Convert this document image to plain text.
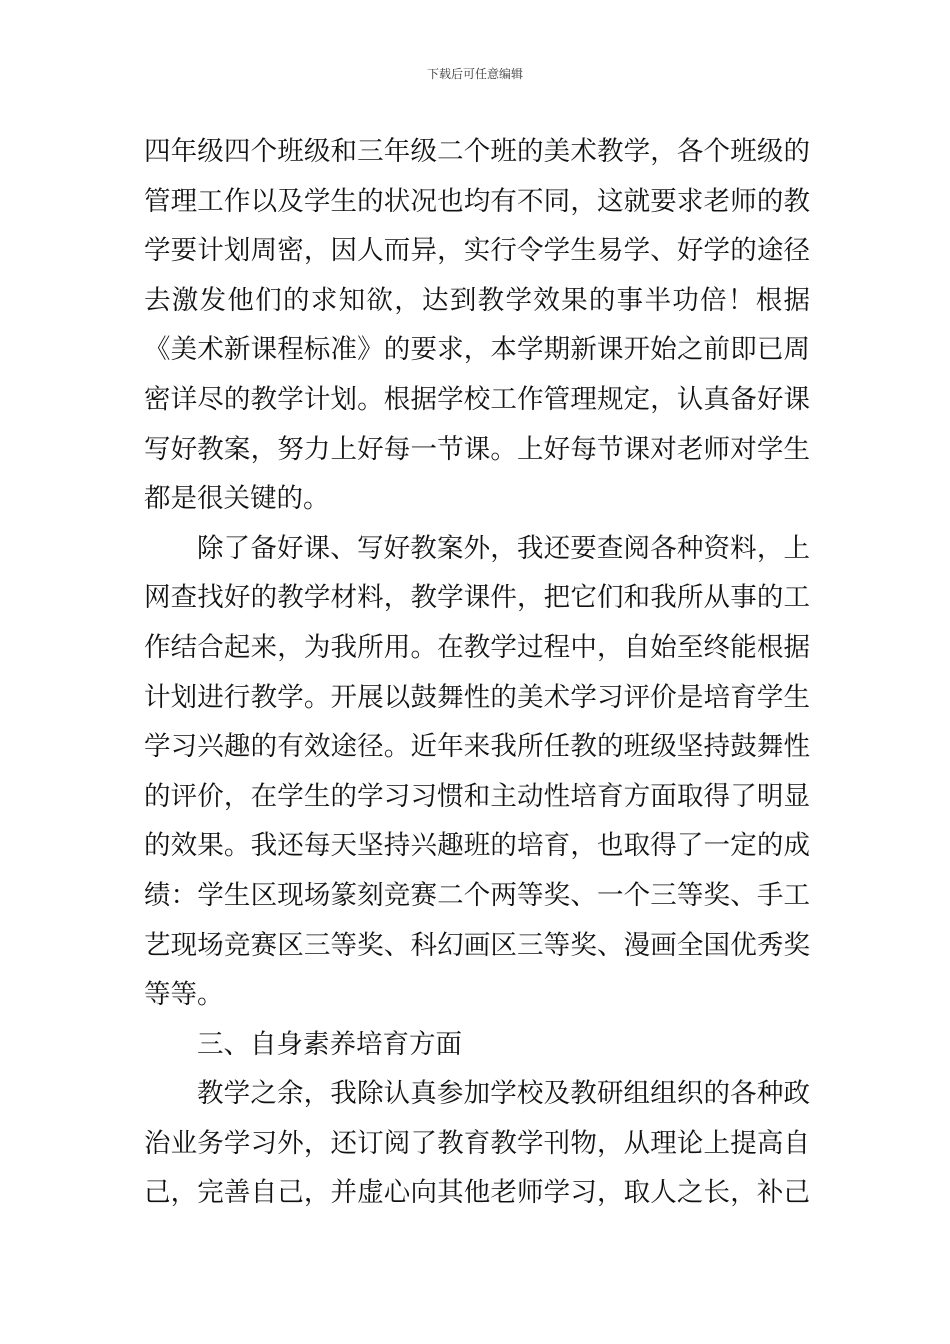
下载后可任意编辑
四年级四个班级和三年级二个班的美术教学，各个班级的
管理工作以及学生的状况也均有不同，这就要求老师的教
学要计划周密，因人而异，实行令学生易学、好学的途径
去激发他们的求知欲，达到教学效果的事半功倍！根据
《美术新课程标准》的要求，本学期新课开始之前即已周
密详尽的教学计划。根据学校工作管理规定，认真备好课
写好教案，努力上好每一节课。上好每节课对老师对学生
都是很关键的。
除了备好课、写好教案外，我还要查阅各种资料，上
网查找好的教学材料，教学课件，把它们和我所从事的工
作结合起来，为我所用。在教学过程中，自始至终能根据
计划进行教学。开展以鼓舞性的美术学习评价是培育学生
学习兴趣的有效途径。近年来我所任教的班级坚持鼓舞性
的评价，在学生的学习习惯和主动性培育方面取得了明显
的效果。我还每天坚持兴趣班的培育，也取得了一定的成
绩：学生区现场篆刻竞赛二个两等奖、一个三等奖、手工
艺现场竞赛区三等奖、科幻画区三等奖、漫画全国优秀奖
等等。
三、自身素养培育方面
教学之余，我除认真参加学校及教研组组织的各种政
治业务学习外，还订阅了教育教学刊物，从理论上提高自
己，完善自己，并虚心向其他老师学习，取人之长，补己
